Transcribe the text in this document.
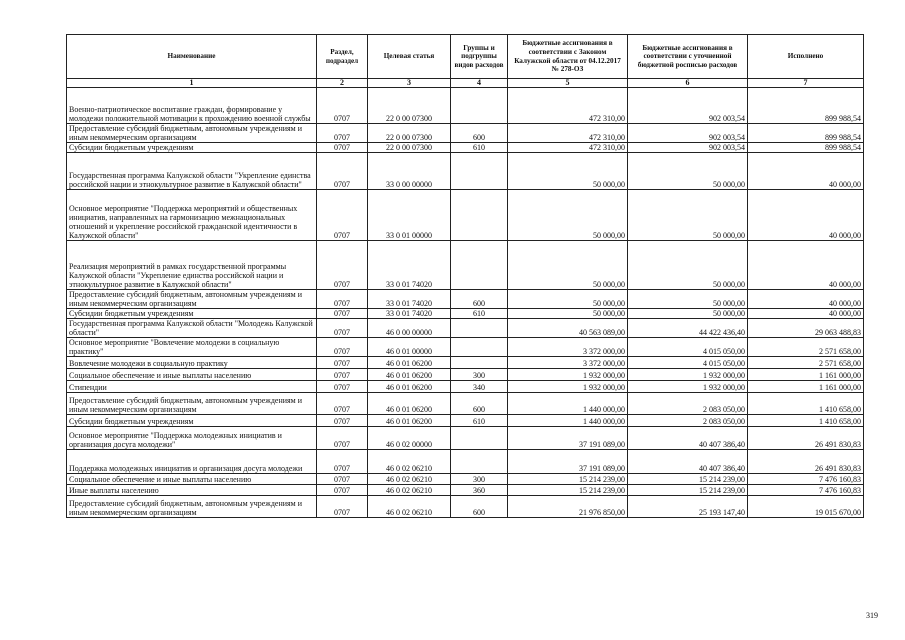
Наименование	Раздел, подраздел	Целевая статья	Группы и подгруппы видов расходов	Бюджетные ассигнования в соответствии с Законом Калужской области от 04.12.2017 № 278-ОЗ	Бюджетные ассигнования в соответствии с уточненной бюджетной росписью расходов	Исполнено
1	2	3	4	5	6	7
Военно-патриотическое воспитание граждан, формирование у молодежи положительной мотивации к прохождению военной службы	0707	22 0 00 07300		472 310,00	902 003,54	899 988,54
Предоставление субсидий бюджетным, автономным учреждениям и иным некоммерческим организациям	0707	22 0 00 07300	600	472 310,00	902 003,54	899 988,54
Субсидии бюджетным учреждениям	0707	22 0 00 07300	610	472 310,00	902 003,54	899 988,54
Государственная программа Калужской области "Укрепление единства российской нации и этнокультурное развитие в Калужской области"	0707	33 0 00 00000		50 000,00	50 000,00	40 000,00
Основное мероприятие "Поддержка мероприятий и общественных инициатив, направленных на гармонизацию межнациональных отношений и укрепление российской гражданской идентичности в Калужской области"	0707	33 0 01 00000		50 000,00	50 000,00	40 000,00
Реализация мероприятий в рамках государственной программы Калужской области "Укрепление единства российской нации и этнокультурное развитие в Калужской области"	0707	33 0 01 74020		50 000,00	50 000,00	40 000,00
Предоставление субсидий бюджетным, автономным учреждениям и иным некоммерческим организациям	0707	33 0 01 74020	600	50 000,00	50 000,00	40 000,00
Субсидии бюджетным учреждениям	0707	33 0 01 74020	610	50 000,00	50 000,00	40 000,00
Государственная программа Калужской области "Молодежь Калужской области"	0707	46 0 00 00000		40 563 089,00	44 422 436,40	29 063 488,83
Основное мероприятие "Вовлечение молодежи в социальную практику"	0707	46 0 01 00000		3 372 000,00	4 015 050,00	2 571 658,00
Вовлечение молодежи в социальную практику	0707	46 0 01 06200		3 372 000,00	4 015 050,00	2 571 658,00
Социальное обеспечение и иные выплаты населению	0707	46 0 01 06200	300	1 932 000,00	1 932 000,00	1 161 000,00
Стипендии	0707	46 0 01 06200	340	1 932 000,00	1 932 000,00	1 161 000,00
Предоставление субсидий бюджетным, автономным учреждениям и иным некоммерческим организациям	0707	46 0 01 06200	600	1 440 000,00	2 083 050,00	1 410 658,00
Субсидии бюджетным учреждениям	0707	46 0 01 06200	610	1 440 000,00	2 083 050,00	1 410 658,00
Основное мероприятие "Поддержка молодежных инициатив и организация досуга молодежи"	0707	46 0 02 00000		37 191 089,00	40 407 386,40	26 491 830,83
Поддержка молодежных инициатив и организация досуга молодежи	0707	46 0 02 06210		37 191 089,00	40 407 386,40	26 491 830,83
Социальное обеспечение и иные выплаты населению	0707	46 0 02 06210	300	15 214 239,00	15 214 239,00	7 476 160,83
Иные выплаты населению	0707	46 0 02 06210	360	15 214 239,00	15 214 239,00	7 476 160,83
Предоставление субсидий бюджетным, автономным учреждениям и иным некоммерческим организациям	0707	46 0 02 06210	600	21 976 850,00	25 193 147,40	19 015 670,00
319
